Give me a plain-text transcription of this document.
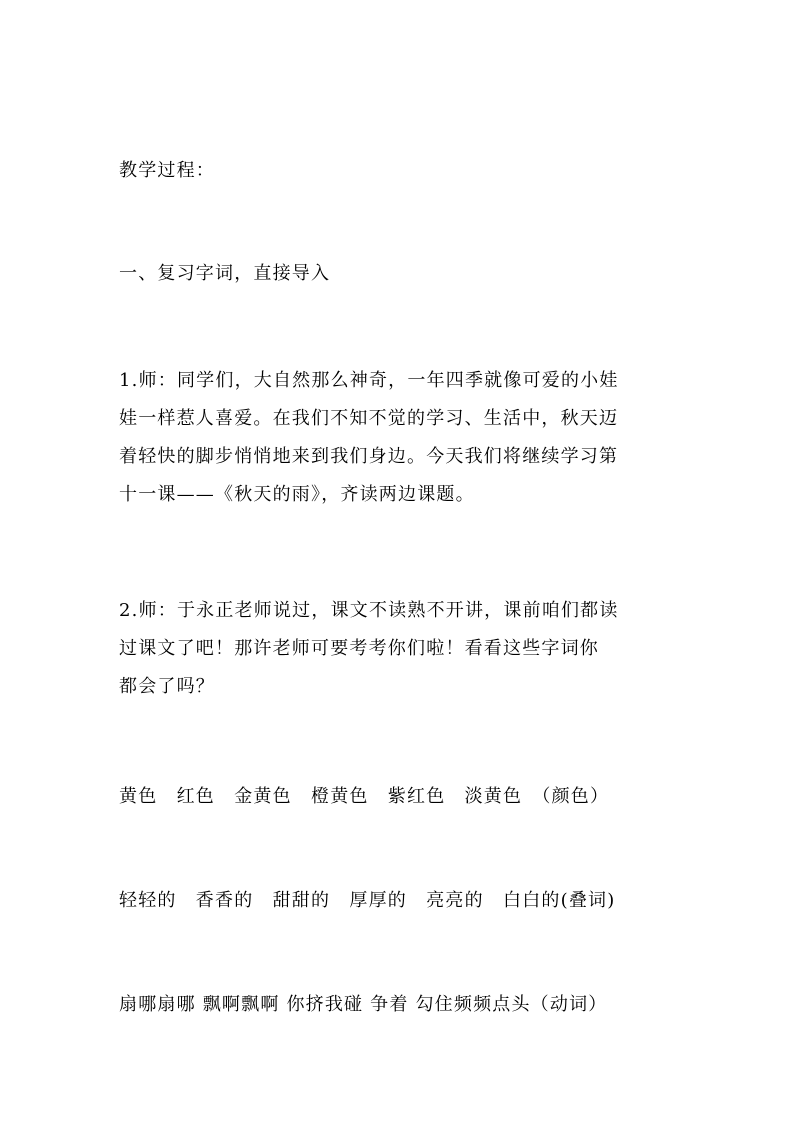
教学过程：
一、复习字词，直接导入
1.师：同学们，大自然那么神奇，一年四季就像可爱的小娃
娃一样惹人喜爱。在我们不知不觉的学习、生活中，秋天迈
着轻快的脚步悄悄地来到我们身边。今天我们将继续学习第
十一课——《秋天的雨》，齐读两边课题。
2.师：于永正老师说过，课文不读熟不开讲，课前咱们都读
过课文了吧！那许老师可要考考你们啦！看看这些字词你
都会了吗？
黄色　红色　金黄色　橙黄色　紫红色　淡黄色　（颜色）
轻轻的　香香的　甜甜的　厚厚的　亮亮的　白白的(叠词)
扇哪扇哪 飘啊飘啊 你挤我碰 争着 勾住频频点头（动词）
